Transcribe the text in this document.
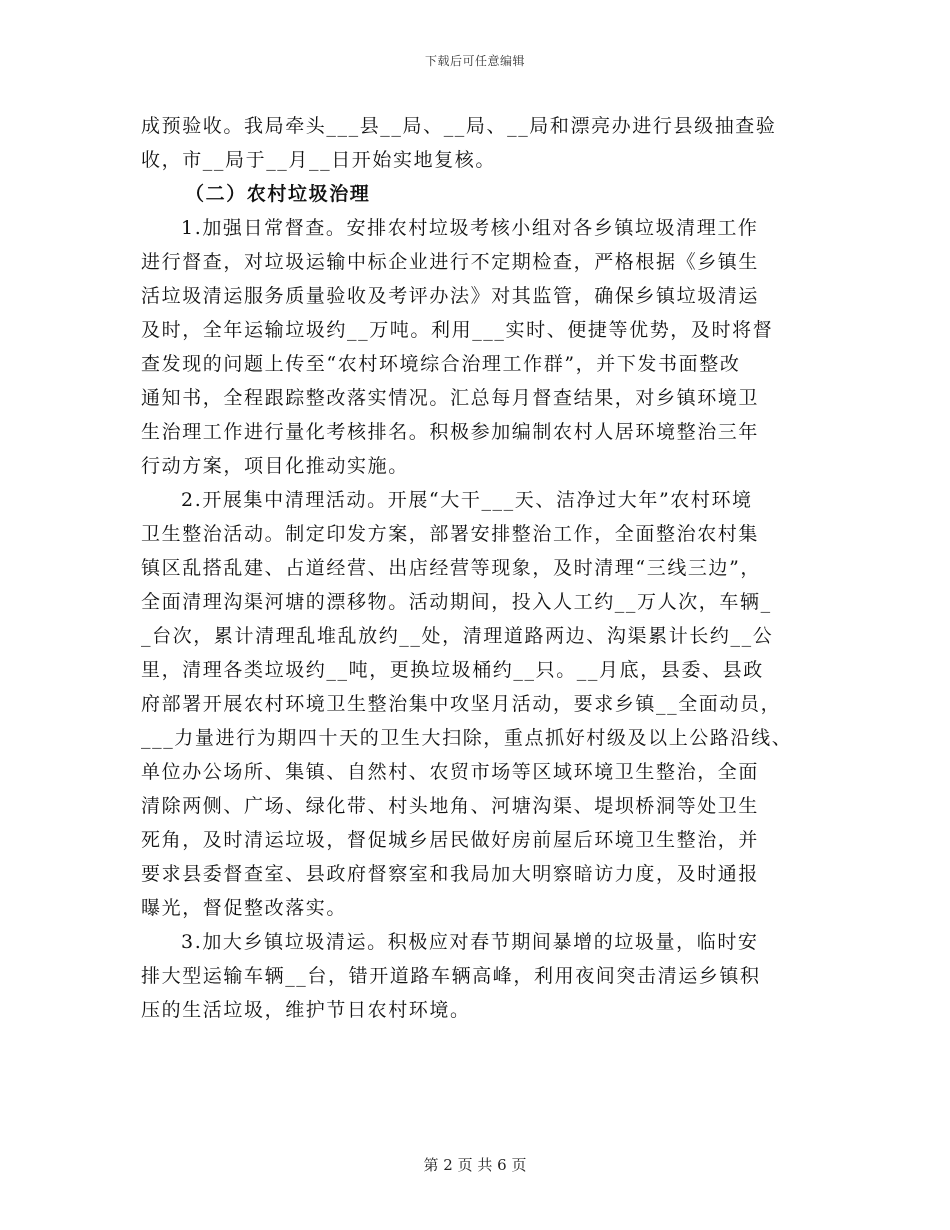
下载后可任意编辑
成预验收。我局牵头___县__局、__局、__局和漂亮办进行县级抽查验
收，市__局于__月__日开始实地复核。
（二）农村垃圾治理
1.加强日常督查。安排农村垃圾考核小组对各乡镇垃圾清理工作
进行督查，对垃圾运输中标企业进行不定期检查，严格根据《乡镇生
活垃圾清运服务质量验收及考评办法》对其监管，确保乡镇垃圾清运
及时，全年运输垃圾约__万吨。利用___实时、便捷等优势，及时将督
查发现的问题上传至“农村环境综合治理工作群”，并下发书面整改
通知书，全程跟踪整改落实情况。汇总每月督查结果，对乡镇环境卫
生治理工作进行量化考核排名。积极参加编制农村人居环境整治三年
行动方案，项目化推动实施。
2.开展集中清理活动。开展“大干___天、洁净过大年”农村环境
卫生整治活动。制定印发方案，部署安排整治工作，全面整治农村集
镇区乱搭乱建、占道经营、出店经营等现象，及时清理“三线三边”，
全面清理沟渠河塘的漂移物。活动期间，投入人工约__万人次，车辆_
_台次，累计清理乱堆乱放约__处，清理道路两边、沟渠累计长约__公
里，清理各类垃圾约__吨，更换垃圾桶约__只。__月底，县委、县政
府部署开展农村环境卫生整治集中攻坚月活动，要求乡镇__全面动员，
___力量进行为期四十天的卫生大扫除，重点抓好村级及以上公路沿线、
单位办公场所、集镇、自然村、农贸市场等区域环境卫生整治，全面
清除两侧、广场、绿化带、村头地角、河塘沟渠、堤坝桥洞等处卫生
死角，及时清运垃圾，督促城乡居民做好房前屋后环境卫生整治，并
要求县委督查室、县政府督察室和我局加大明察暗访力度，及时通报
曝光，督促整改落实。
3.加大乡镇垃圾清运。积极应对春节期间暴增的垃圾量，临时安
排大型运输车辆__台，错开道路车辆高峰，利用夜间突击清运乡镇积
压的生活垃圾，维护节日农村环境。
第 2 页 共 6 页
